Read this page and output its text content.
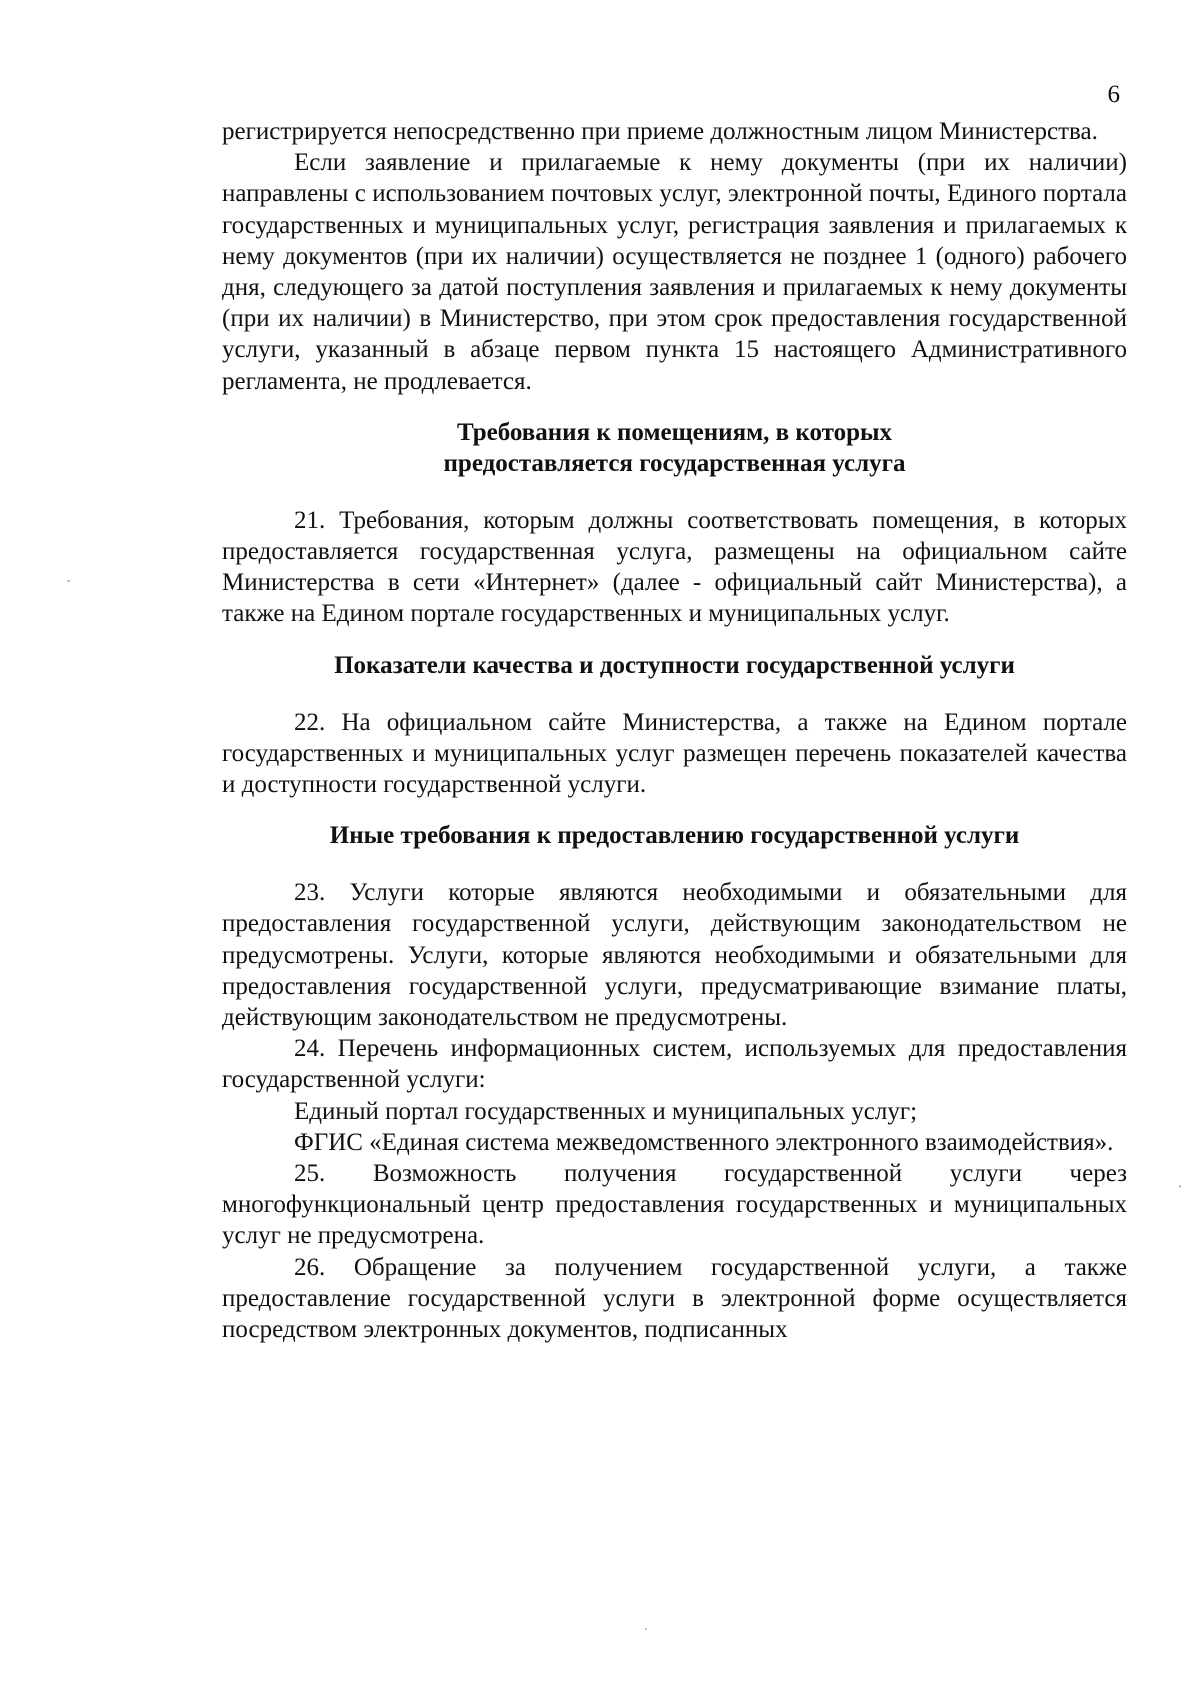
6

регистрируется непосредственно при приеме должностным лицом Министерства.

Если заявление и прилагаемые к нему документы (при их наличии) направлены с использованием почтовых услуг, электронной почты, Единого портала государственных и муниципальных услуг, регистрация заявления и прилагаемых к нему документов (при их наличии) осуществляется не позднее 1 (одного) рабочего дня, следующего за датой поступления заявления и прилагаемых к нему документы (при их наличии) в Министерство, при этом срок предоставления государственной услуги, указанный в абзаце первом пункта 15 настоящего Административного регламента, не продлевается.

Требования к помещениям, в которых

предоставляется государственная услуга

21. Требования, которым должны соответствовать помещения, в которых предоставляется государственная услуга, размещены на официальном сайте Министерства в сети «Интернет» (далее - официальный сайт Министерства), а также на Едином портале государственных и муниципальных услуг.

Показатели качества и доступности государственной услуги

22. На официальном сайте Министерства, а также на Едином портале государственных и муниципальных услуг размещен перечень показателей качества и доступности государственной услуги.

Иные требования к предоставлению государственной услуги

23. Услуги которые являются необходимыми и обязательными для предоставления государственной услуги, действующим законодательством не предусмотрены. Услуги, которые являются необходимыми и обязательными для предоставления государственной услуги, предусматривающие взимание платы, действующим законодательством не предусмотрены.

24. Перечень информационных систем, используемых для предоставления государственной услуги:

Единый портал государственных и муниципальных услуг;

ФГИС «Единая система межведомственного электронного взаимодействия».

25. Возможность получения государственной услуги через многофункциональный центр предоставления государственных и муниципальных услуг не предусмотрена.

26. Обращение за получением государственной услуги, а также предоставление государственной услуги в электронной форме осуществляется посредством электронных документов, подписанных
